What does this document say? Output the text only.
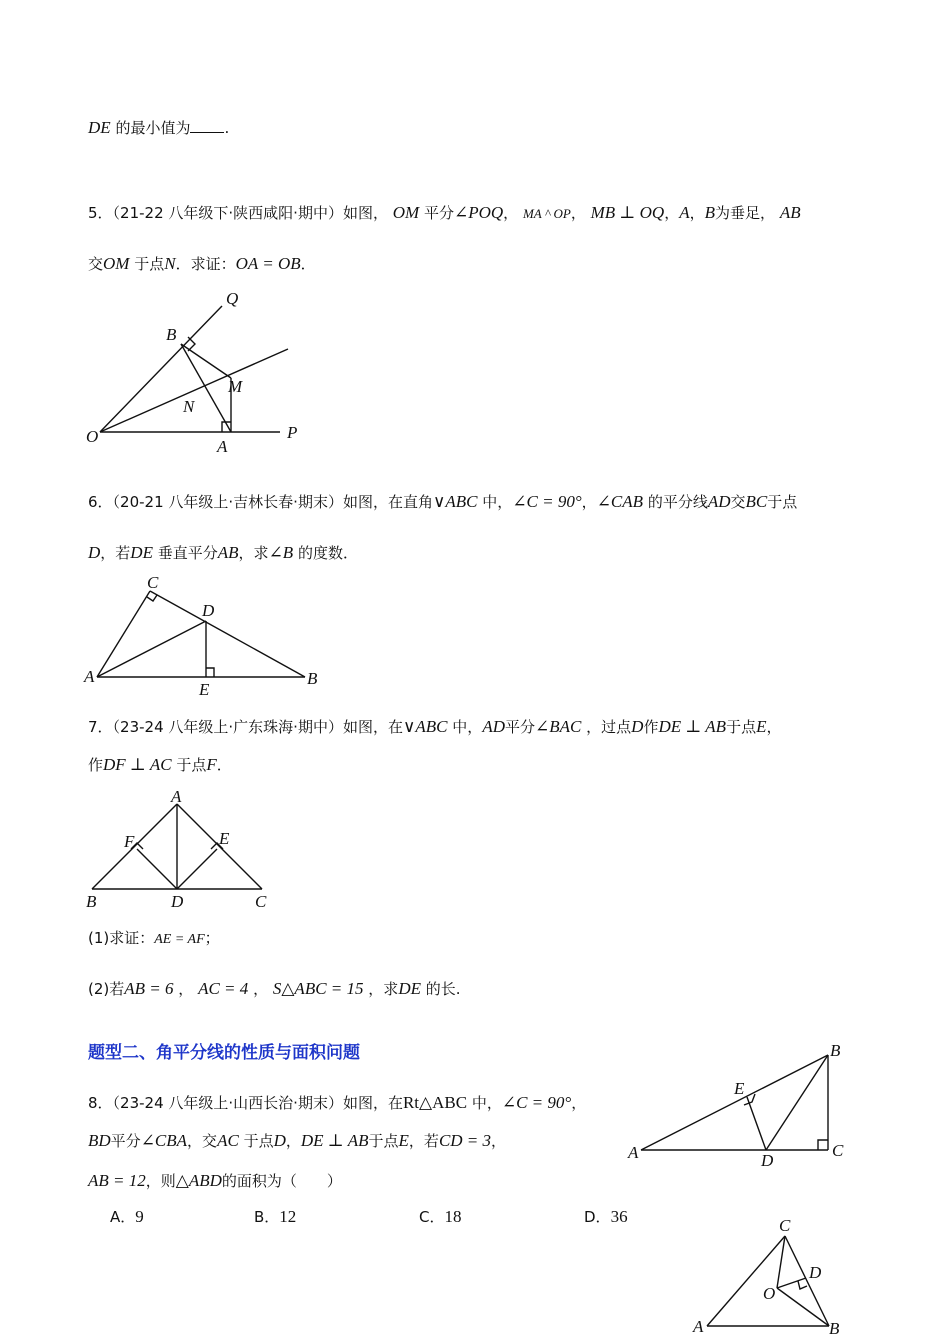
DE 的最小值为 .
5．（21-22 八年级下·陕西咸阳·期中）如图， OM 平分∠POQ， MA ^ OP， MB ⊥ OQ，A，B为垂足， AB
交OM 于点N．求证：OA = OB．
Q
B
M
N
O
A
P
6．（20-21 八年级上·吉林长春·期末）如图，在直角∨ABC 中，∠C = 90°，∠CAB 的平分线AD交BC于点
D，若DE 垂直平分AB，求∠B 的度数．
C
D
A
E
B
7．（23-24 八年级上·广东珠海·期中）如图，在∨ABC 中，AD平分∠BAC ，过点D作DE ⊥ AB于点E，
作DF ⊥ AC 于点F．
A
F	E
B	D	C
(1)求证：AE = AF；
(2)若AB = 6 ， AC = 4 ， S△ABC = 15 ，求DE 的长.
题型二、角平分线的性质与面积问题
8．（23-24 八年级上·山西长治·期末）如图，在Rt△ABC 中，∠C = 90°，
BD平分∠CBA，交AC 于点D，DE ⊥ AB于点E，若CD = 3，
AB = 12，则△ABD的面积为（　　）
A．9	B．12	C．18	D．36
B
E
A	D
C
C
D
O
A	B
